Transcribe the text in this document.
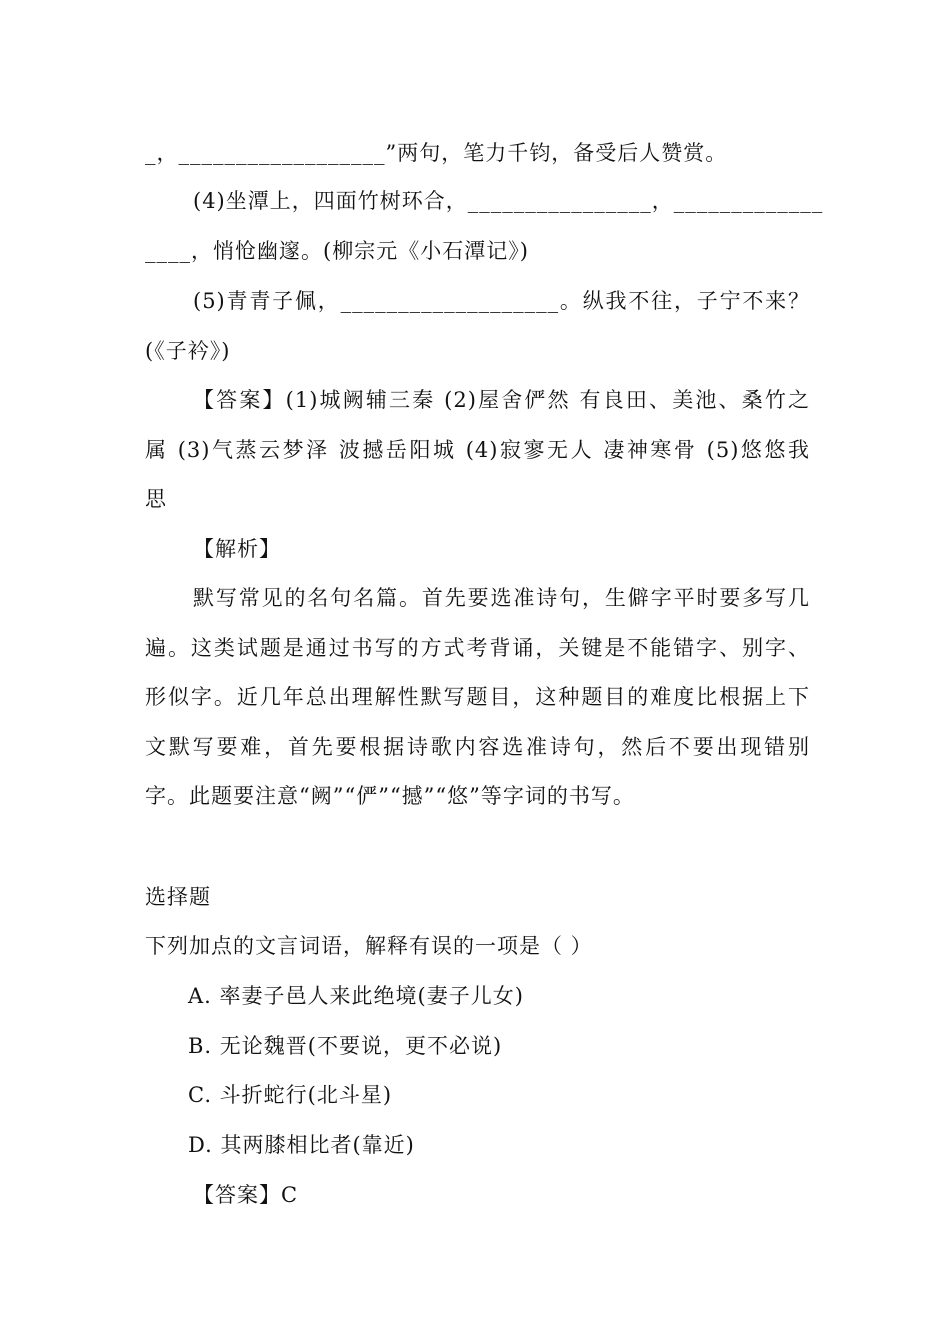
_，__________________”两句，笔力千钧，备受后人赞赏。
(4)坐潭上，四面竹树环合，________________，_____________
____，悄怆幽邃。(柳宗元《小石潭记》)
(5)青青子佩，___________________。纵我不往，子宁不来？
(《子衿》)
【答案】(1)城阙辅三秦 (2)屋舍俨然 有良田、美池、桑竹之
属 (3)气蒸云梦泽 波撼岳阳城 (4)寂寥无人 凄神寒骨 (5)悠悠我
思
【解析】
默写常见的名句名篇。首先要选准诗句，生僻字平时要多写几
遍。这类试题是通过书写的方式考背诵，关键是不能错字、别字、
形似字。近几年总出理解性默写题目，这种题目的难度比根据上下
文默写要难，首先要根据诗歌内容选准诗句，然后不要出现错别
字。此题要注意“阙”“俨”“撼”“悠”等字词的书写。
选择题
下列加点的文言词语，解释有误的一项是（ ）
A. 率妻子邑人来此绝境(妻子儿女)
B. 无论魏晋(不要说，更不必说)
C. 斗折蛇行(北斗星)
D. 其两膝相比者(靠近)
【答案】C
